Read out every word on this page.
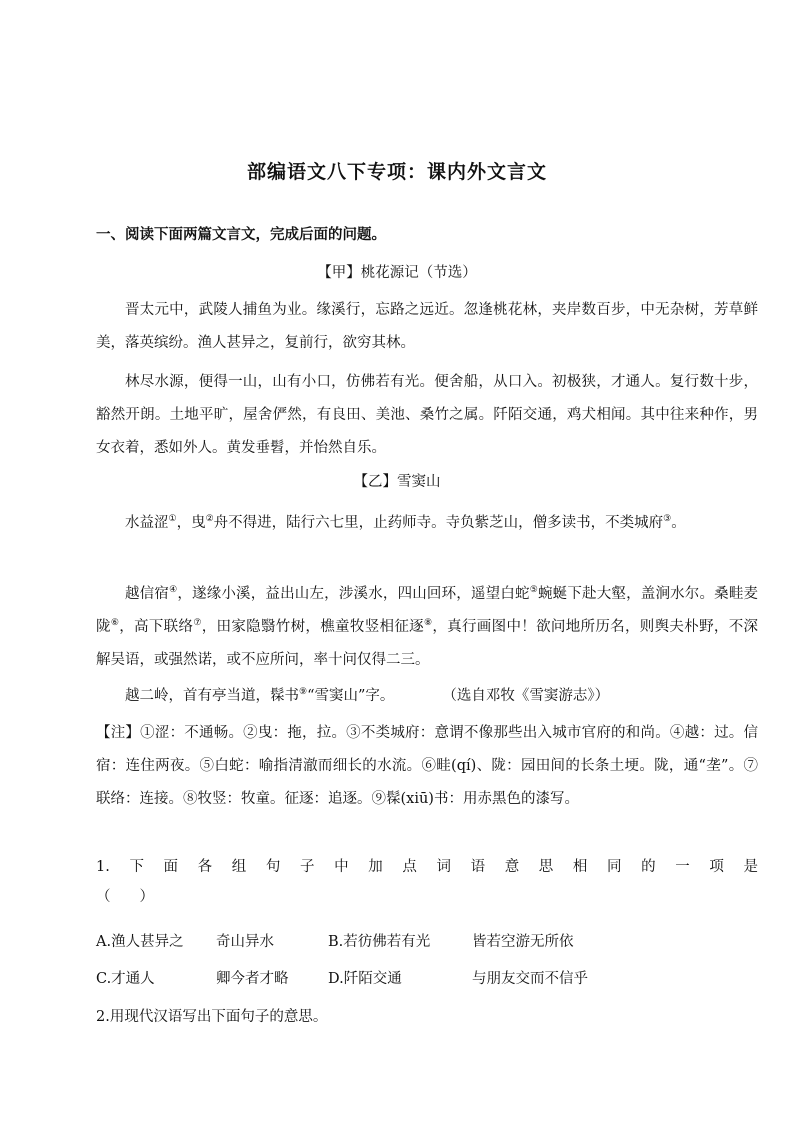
部编语文八下专项：课内外文言文
一、阅读下面两篇文言文，完成后面的问题。
【甲】桃花源记（节选）
晋太元中，武陵人捕鱼为业。缘溪行，忘路之远近。忽逢桃花林，夹岸数百步，中无杂树，芳草鲜美，落英缤纷。渔人甚异之，复前行，欲穷其林。
林尽水源，便得一山，山有小口，仿佛若有光。便舍船，从口入。初极狭，才通人。复行数十步，豁然开朗。土地平旷，屋舍俨然，有良田、美池、桑竹之属。阡陌交通，鸡犬相闻。其中往来种作，男女衣着，悉如外人。黄发垂髫，并怡然自乐。
【乙】雪窦山
水益涩①，曳②舟不得进，陆行六七里，止药师寺。寺负紫芝山，僧多读书，不类城府③。
越信宿④，遂缘小溪，益出山左，涉溪水，四山回环，遥望白蛇⑤蜿蜒下赴大壑，盖涧水尔。桑畦麦陇⑥，高下联络⑦，田家隐翳竹树，樵童牧竖相征逐⑧，真行画图中！欲问地所历名，则舆夫朴野，不深解吴语，或强然诺，或不应所问，率十问仅得二三。
越二岭，首有亭当道，髹书⑨“雪窦山”字。	（选自邓牧《雪窦游志》）
【注】①涩：不通畅。②曳：拖，拉。③不类城府：意谓不像那些出入城市官府的和尚。④越：过。信宿：连住两夜。⑤白蛇：喻指清澈而细长的水流。⑥畦(qí)、陇：园田间的长条土埂。陇，通“垄”。⑦联络：连接。⑧牧竖：牧童。征逐：追逐。⑨髹(xiū)书：用赤黑色的漆写。
1.下面各组句子中加点词语意思相同的一项是
（　　）
A.渔人甚异之 奇山异水	B.若彷佛若有光	皆若空游无所依
C.才通人	卿今者才略	D.阡陌交通	与朋友交而不信乎
2.用现代汉语写出下面句子的意思。
